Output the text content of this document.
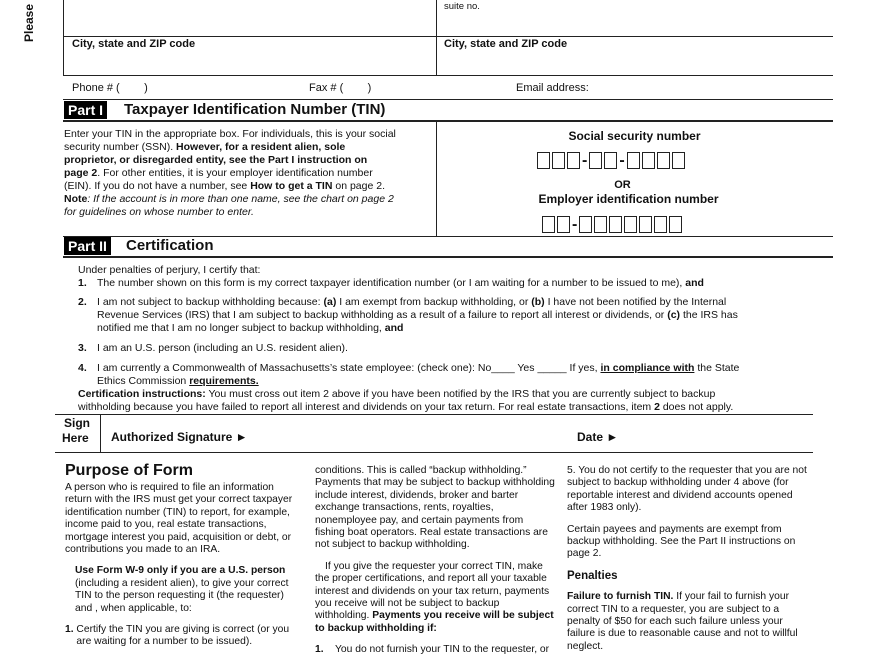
Please	suite no.
City, state and ZIP code	City, state and ZIP code
Phone # (        )	Fax # (        )	Email address:
Part I Taxpayer Identification Number (TIN)
Enter your TIN in the appropriate box. For individuals, this is your social
security number (SSN). However, for a resident alien, sole
proprietor, or disregarded entity, see the Part I instruction on
page 2. For other entities, it is your employer identification number
(EIN). If you do not have a number, see How to get a TIN on page 2.
Note: If the account is in more than one name, see the chart on page 2
for guidelines on whose number to enter.
Social security number
- -
OR
Employer identification number
-
Part II Certification
Under penalties of perjury, I certify that:
1. The number shown on this form is my correct taxpayer identification number (or I am waiting for a number to be issued to me), and
2. I am not subject to backup withholding because: (a) I am exempt from backup withholding, or (b) I have not been notified by the Internal
Revenue Services (IRS) that I am subject to backup withholding as a result of a failure to report all interest or dividends, or (c) the IRS has
notified me that I am no longer subject to backup withholding, and
3. I am an U.S. person (including an U.S. resident alien).
4. I am currently a Commonwealth of Massachusetts’s state employee: (check one): No____ Yes _____ If yes, in compliance with the State
Ethics Commission requirements.
Certification instructions: You must cross out item 2 above if you have been notified by the IRS that you are currently subject to backup
withholding because you have failed to report all interest and dividends on your tax return. For real estate transactions, item 2 does not apply.
Sign
Here Authorized Signature ►	Date ►
Purpose of Form

A person who is required to file an information return with the IRS must get your correct taxpayer identification number (TIN) to report, for example, income paid to you, real estate transactions, mortgage interest you paid, acquisition or debt, or contributions you made to an IRA.

Use Form W-9 only if you are a U.S. person (including a resident alien), to give your correct TIN to the person requesting it (the requester) and , when applicable, to:

1. Certify the TIN you are giving is correct (or you are waiting for a number to be issued).

conditions. This is called “backup withholding.” Payments that may be subject to backup withholding include interest, dividends, broker and barter exchange transactions, rents, royalties, nonemployee pay, and certain payments from fishing boat operators. Real estate transactions are not subject to backup withholding.

If you give the requester your correct TIN, make the proper certifications, and report all your taxable interest and dividends on your tax return, payments you receive will not be subject to backup withholding. Payments you receive will be subject to backup withholding if:

1.	You do not furnish your TIN to the requester, or

5. You do not certify to the requester that you are not subject to backup withholding under 4 above (for reportable interest and dividend accounts opened after 1983 only).

Certain payees and payments are exempt from backup withholding. See the Part II instructions on page 2.

Penalties

Failure to furnish TIN. If your fail to furnish your correct TIN to a requester, you are subject to a penalty of $50 for each such failure unless your failure is due to reasonable cause and not to willful neglect.
